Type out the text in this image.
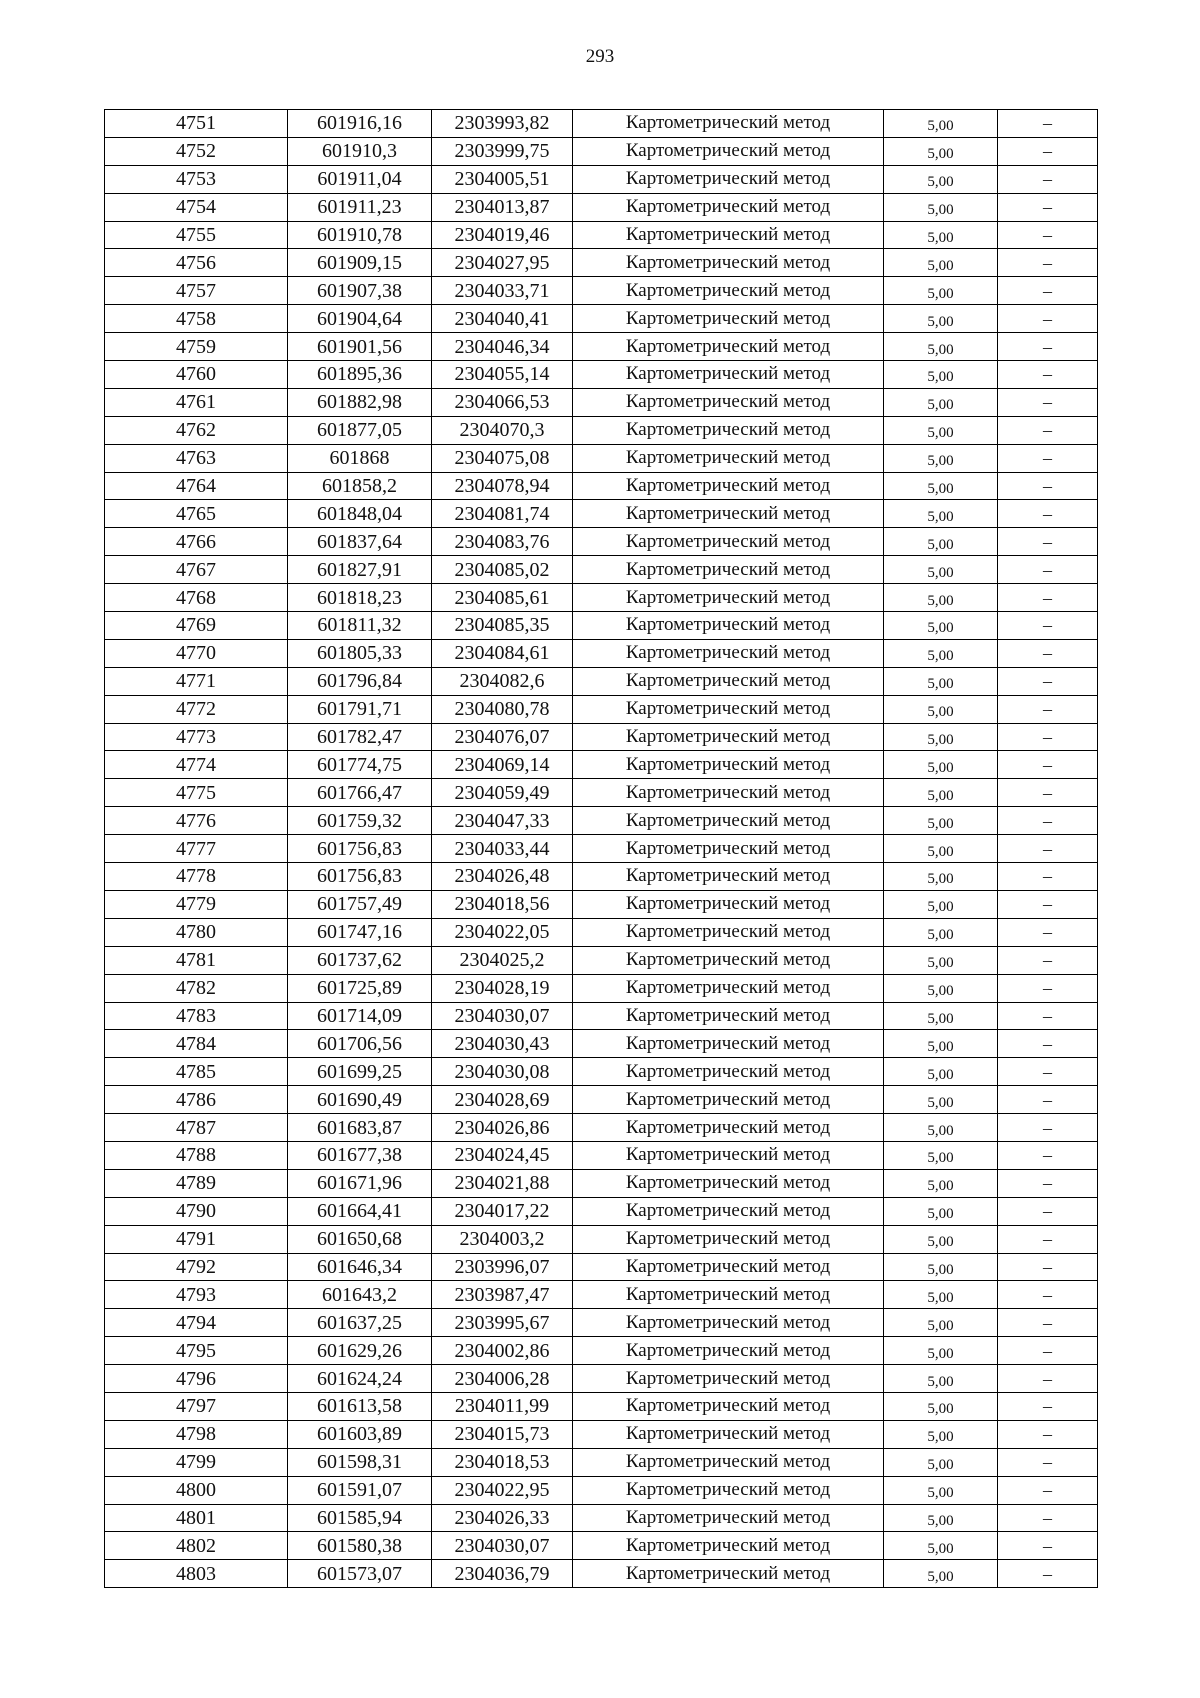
293
4751	601916,16	2303993,82	Картометрический метод	5,00	–
4752	601910,3	2303999,75	Картометрический метод	5,00	–
4753	601911,04	2304005,51	Картометрический метод	5,00	–
4754	601911,23	2304013,87	Картометрический метод	5,00	–
4755	601910,78	2304019,46	Картометрический метод	5,00	–
4756	601909,15	2304027,95	Картометрический метод	5,00	–
4757	601907,38	2304033,71	Картометрический метод	5,00	–
4758	601904,64	2304040,41	Картометрический метод	5,00	–
4759	601901,56	2304046,34	Картометрический метод	5,00	–
4760	601895,36	2304055,14	Картометрический метод	5,00	–
4761	601882,98	2304066,53	Картометрический метод	5,00	–
4762	601877,05	2304070,3	Картометрический метод	5,00	–
4763	601868	2304075,08	Картометрический метод	5,00	–
4764	601858,2	2304078,94	Картометрический метод	5,00	–
4765	601848,04	2304081,74	Картометрический метод	5,00	–
4766	601837,64	2304083,76	Картометрический метод	5,00	–
4767	601827,91	2304085,02	Картометрический метод	5,00	–
4768	601818,23	2304085,61	Картометрический метод	5,00	–
4769	601811,32	2304085,35	Картометрический метод	5,00	–
4770	601805,33	2304084,61	Картометрический метод	5,00	–
4771	601796,84	2304082,6	Картометрический метод	5,00	–
4772	601791,71	2304080,78	Картометрический метод	5,00	–
4773	601782,47	2304076,07	Картометрический метод	5,00	–
4774	601774,75	2304069,14	Картометрический метод	5,00	–
4775	601766,47	2304059,49	Картометрический метод	5,00	–
4776	601759,32	2304047,33	Картометрический метод	5,00	–
4777	601756,83	2304033,44	Картометрический метод	5,00	–
4778	601756,83	2304026,48	Картометрический метод	5,00	–
4779	601757,49	2304018,56	Картометрический метод	5,00	–
4780	601747,16	2304022,05	Картометрический метод	5,00	–
4781	601737,62	2304025,2	Картометрический метод	5,00	–
4782	601725,89	2304028,19	Картометрический метод	5,00	–
4783	601714,09	2304030,07	Картометрический метод	5,00	–
4784	601706,56	2304030,43	Картометрический метод	5,00	–
4785	601699,25	2304030,08	Картометрический метод	5,00	–
4786	601690,49	2304028,69	Картометрический метод	5,00	–
4787	601683,87	2304026,86	Картометрический метод	5,00	–
4788	601677,38	2304024,45	Картометрический метод	5,00	–
4789	601671,96	2304021,88	Картометрический метод	5,00	–
4790	601664,41	2304017,22	Картометрический метод	5,00	–
4791	601650,68	2304003,2	Картометрический метод	5,00	–
4792	601646,34	2303996,07	Картометрический метод	5,00	–
4793	601643,2	2303987,47	Картометрический метод	5,00	–
4794	601637,25	2303995,67	Картометрический метод	5,00	–
4795	601629,26	2304002,86	Картометрический метод	5,00	–
4796	601624,24	2304006,28	Картометрический метод	5,00	–
4797	601613,58	2304011,99	Картометрический метод	5,00	–
4798	601603,89	2304015,73	Картометрический метод	5,00	–
4799	601598,31	2304018,53	Картометрический метод	5,00	–
4800	601591,07	2304022,95	Картометрический метод	5,00	–
4801	601585,94	2304026,33	Картометрический метод	5,00	–
4802	601580,38	2304030,07	Картометрический метод	5,00	–
4803	601573,07	2304036,79	Картометрический метод	5,00	–
